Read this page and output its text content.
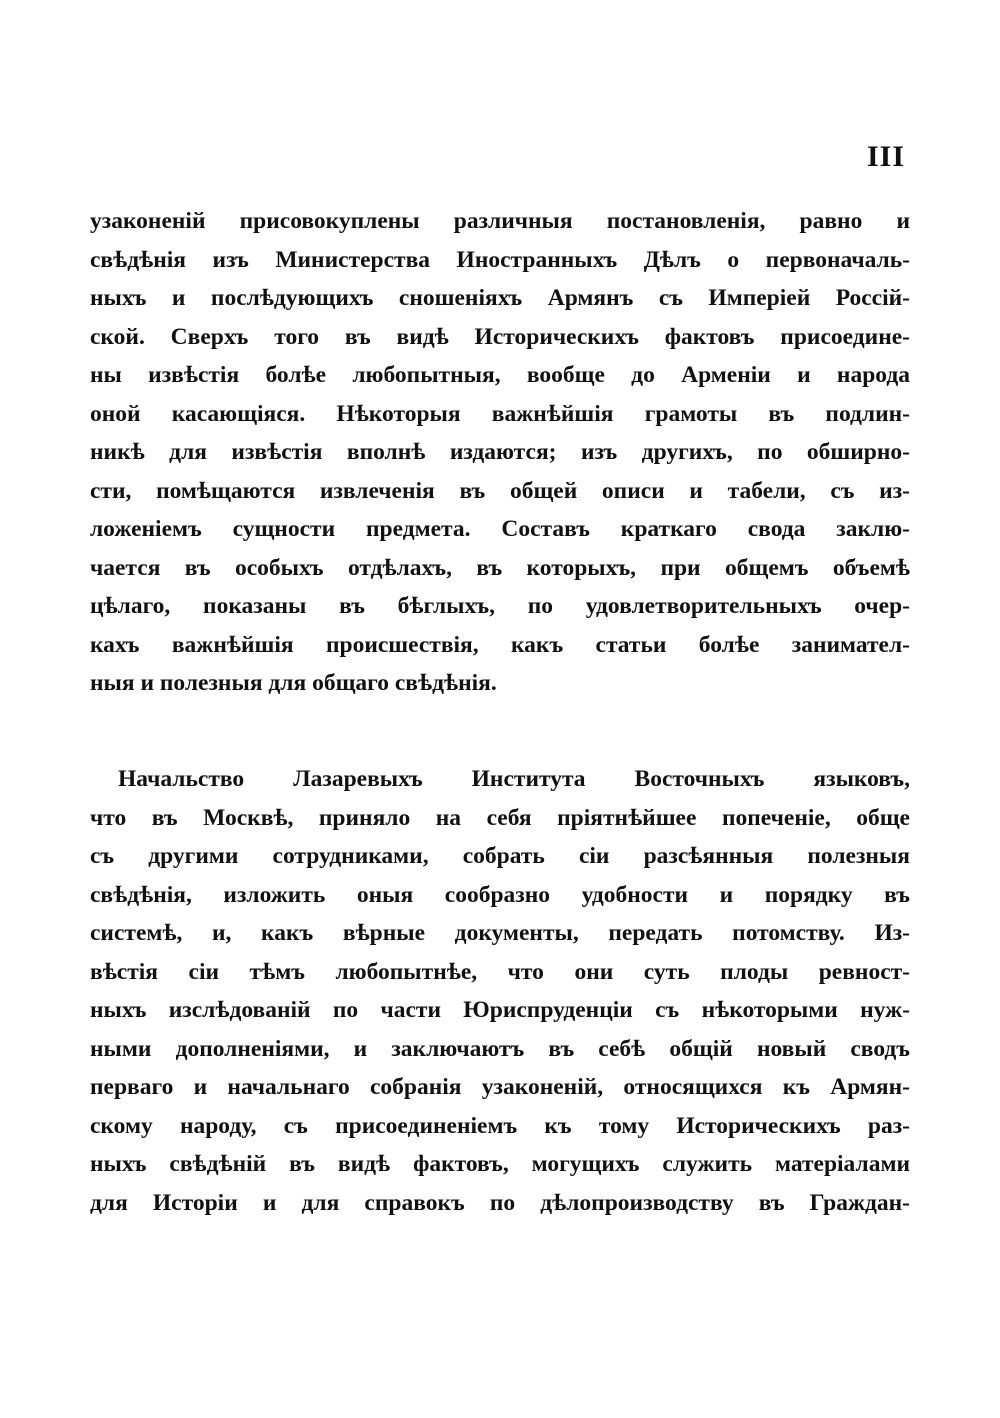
III
узаконеній присовокуплены различныя постановленія, равно и
свѣдѣнія изъ Министерства Иностранныхъ Дѣлъ о первоначаль-
ныхъ и послѣдующихъ сношеніяхъ Армянъ съ Имперіей Россій-
ской. Сверхъ того въ видѣ Историческихъ фактовъ присоедине-
ны извѣстія болѣе любопытныя, вообще до Арменіи и народа
оной касающіяся. Нѣкоторыя важнѣйшія грамоты въ подлин-
никѣ для извѣстія вполнѣ издаются; изъ другихъ, по обширно-
сти, помѣщаются извлеченія въ общей описи и табели, съ из-
ложеніемъ сущности предмета. Составъ краткаго свода заклю-
чается въ особыхъ отдѣлахъ, въ которыхъ, при общемъ объемѣ
цѣлаго, показаны въ бѣглыхъ, по удовлетворительныхъ очер-
кахъ важнѣйшія происшествія, какъ статьи болѣе занимател-
ныя и полезныя для общаго свѣдѣнія.
Начальство Лазаревыхъ Института Восточныхъ языковъ,
что въ Москвѣ, приняло на себя пріятнѣйшее попеченіе, обще
съ другими сотрудниками, собрать сіи разсѣянныя полезныя
свѣдѣнія, изложить оныя сообразно удобности и порядку въ
системѣ, и, какъ вѣрные документы, передать потомству. Из-
вѣстія сіи тѣмъ любопытнѣе, что они суть плоды ревност-
ныхъ изслѣдованій по части Юриспруденціи съ нѣкоторыми нуж-
ными дополненіями, и заключаютъ въ себѣ общій новый сводъ
перваго и начальнаго собранія узаконеній, относящихся къ Армян-
скому народу, съ присоединеніемъ къ тому Историческихъ раз-
ныхъ свѣдѣній въ видѣ фактовъ, могущихъ служить матеріалами
для Исторіи и для справокъ по дѣлопроизводству въ Граждан-
